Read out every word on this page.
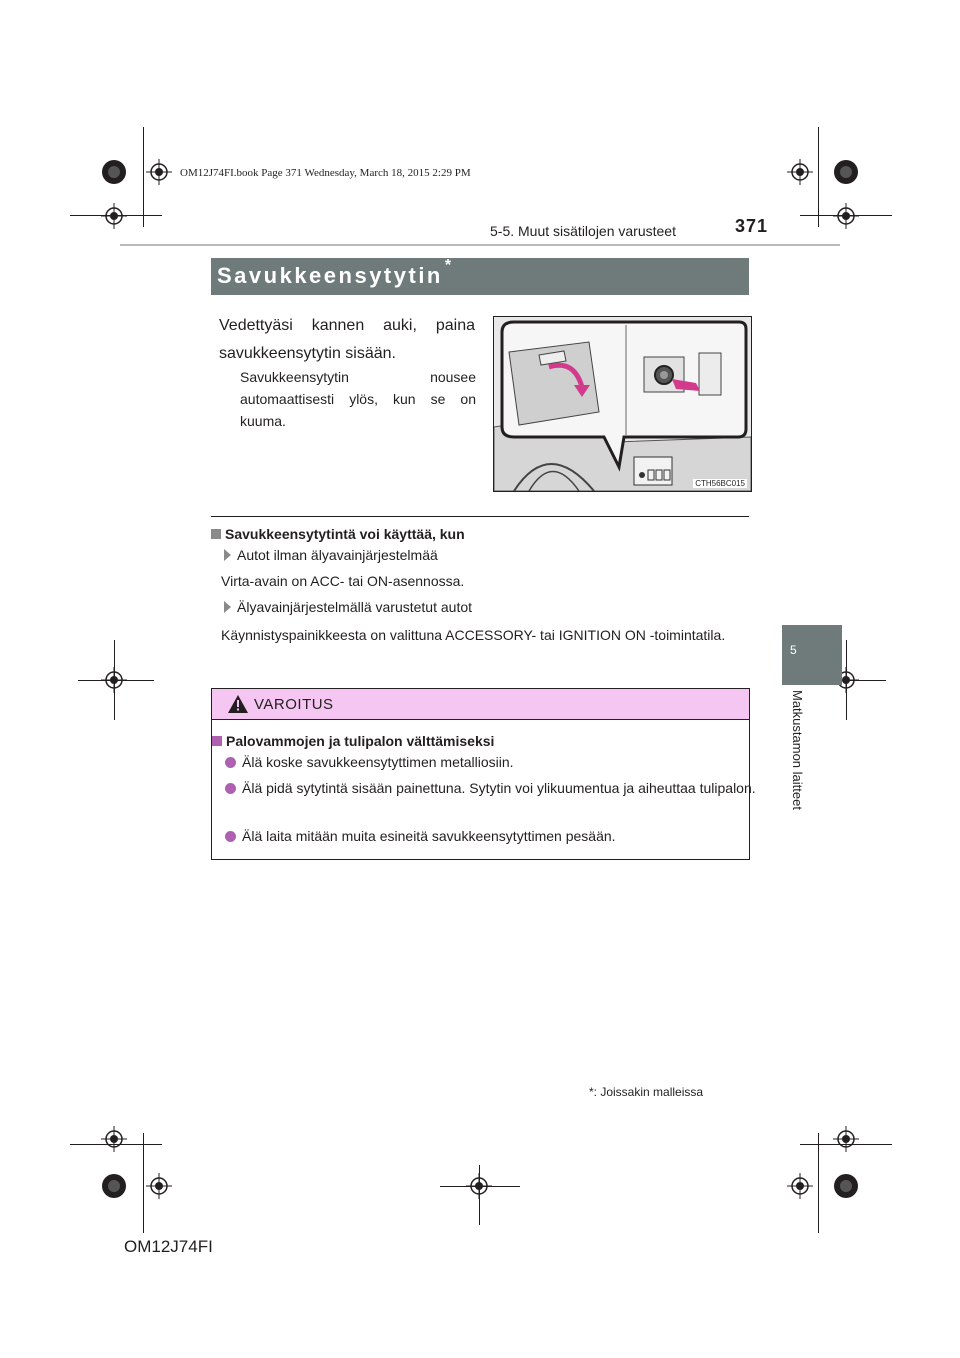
OM12J74FI.book Page 371 Wednesday, March 18, 2015 2:29 PM
5-5. Muut sisätilojen varusteet	371
5
Matkustamon laitteet
Savukkeensytytin *
Vedettyäsi kannen auki, paina savukkeensytytin sisään.
Savukkeensytytin nousee automaattisesti ylös, kun se on kuuma.
CTH56BC015
Savukkeensytytintä voi käyttää, kun
Autot ilman älyavainjärjestelmää
Virta-avain on ACC- tai ON-asennossa.
Älyavainjärjestelmällä varustetut autot
Käynnistyspainikkeesta on valittuna ACCESSORY- tai IGNITION ON -toimintatila.
VAROITUS
Palovammojen ja tulipalon välttämiseksi
Älä koske savukkeensytyttimen metalliosiin.
Älä pidä sytytintä sisään painettuna. Sytytin voi ylikuumentua ja aiheuttaa tulipalon.
Älä laita mitään muita esineitä savukkeensytyttimen pesään.
*: Joissakin malleissa
OM12J74FI
